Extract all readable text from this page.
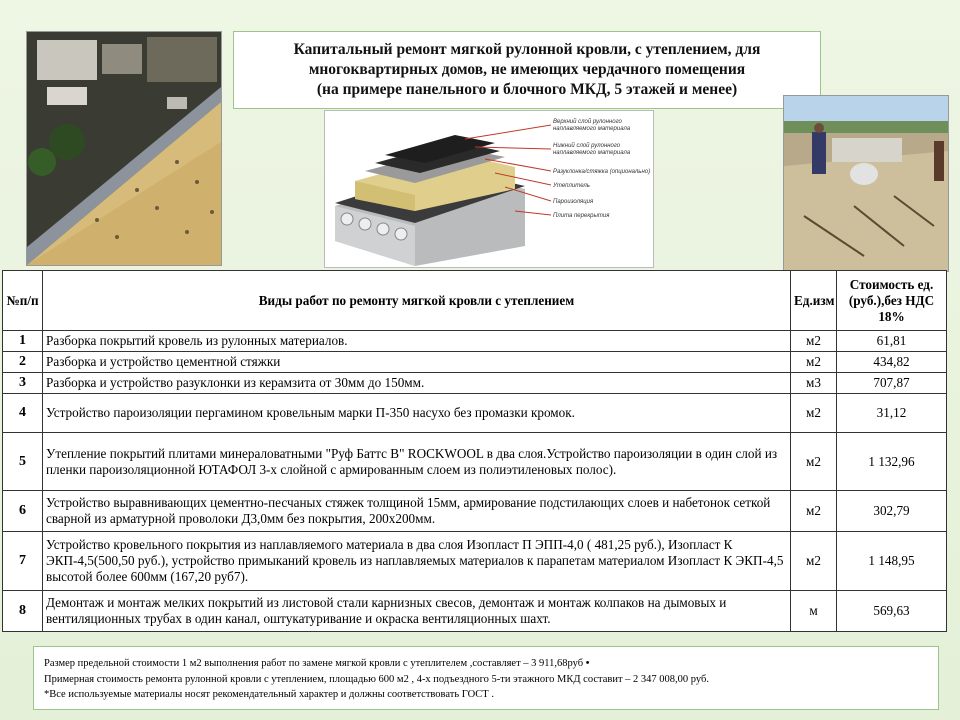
Капитальный ремонт мягкой рулонной кровли, с утеплением, для
многоквартирных домов, не имеющих чердачного помещения
(на примере панельного и блочного МКД, 5 этажей и менее)
Верхний слой рулонного
наплавляемого материала
Нижний слой рулонного
наплавляемого материала
Разуклонка/стяжка (опционально)
Утеплитель
Пароизоляция
Плита перекрытия
№п/п	Виды работ по ремонту мягкой кровли с утеплением	Ед.изм	Стоимость ед. (руб.),без НДС 18%
1	Разборка покрытий кровель из рулонных материалов.	м2	61,81
2	Разборка и устройство цементной стяжки	м2	434,82
3	Разборка и устройство разуклонки из керамзита от 30мм до 150мм.	м3	707,87
4	Устройство пароизоляции пергамином кровельным марки П-350 насухо без промазки кромок.	м2	31,12
5	Утепление покрытий плитами минераловатными "Руф Баттс В" ROCKWOOL в два слоя.Устройство пароизоляции в один слой из пленки пароизоляционной ЮТАФОЛ 3-х слойной с армированным слоем из полиэтиленовых полос).	м2	1 132,96
6	Устройство выравнивающих цементно-песчаных стяжек толщиной 15мм, армирование подстилающих слоев и набетонок сеткой сварной из арматурной проволоки Д3,0мм без покрытия, 200х200мм.	м2	302,79
7	Устройство кровельного покрытия из наплавляемого материала в два слоя Изопласт П ЭПП-4,0 ( 481,25 руб.), Изопласт К ЭКП-4,5(500,50 руб.), устройство примыканий кровель из наплавляемых материалов к парапетам материалом Изопласт К ЭКП-4,5 высотой более 600мм (167,20 руб7).	м2	1 148,95
8	Демонтаж и монтаж мелких покрытий из листовой стали карнизных свесов, демонтаж и монтаж колпаков на дымовых и вентиляционных трубах в один канал, оштукатуривание и окраска вентиляционных шахт.	м	569,63

Размер предельной стоимости 1 м2 выполнения работ по замене мягкой кровли с утеплителем ,составляет – 3 911,68руб •

Примерная стоимость ремонта рулонной кровли с утеплением, площадью 600 м2 , 4-х подъездного 5-ти этажного МКД составит – 2 347 008,00 руб.

*Все используемые материалы носят рекомендательный характер и должны соответствовать ГОСТ .
